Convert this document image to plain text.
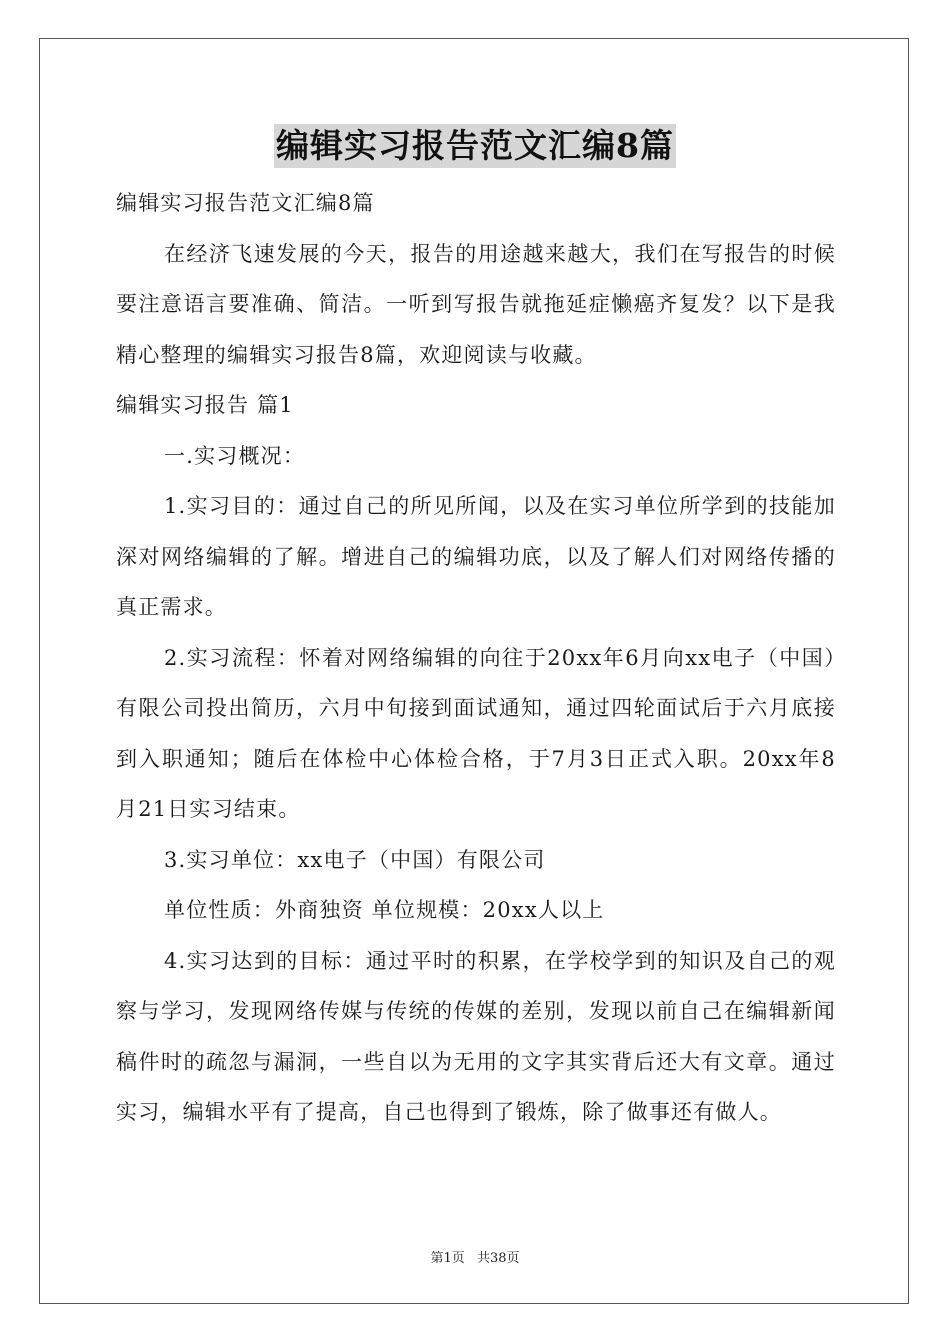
编辑实习报告范文汇编8篇

编辑实习报告范文汇编8篇

在经济飞速发展的今天，报告的用途越来越大，我们在写报告的时候要注意语言要准确、简洁。一听到写报告就拖延症懒癌齐复发？以下是我精心整理的编辑实习报告8篇，欢迎阅读与收藏。

编辑实习报告 篇1

一.实习概况：

1.实习目的：通过自己的所见所闻，以及在实习单位所学到的技能加深对网络编辑的了解。增进自己的编辑功底，以及了解人们对网络传播的真正需求。

2.实习流程：怀着对网络编辑的向往于20xx年6月向xx电子（中国）有限公司投出简历，六月中旬接到面试通知，通过四轮面试后于六月底接到入职通知；随后在体检中心体检合格，于7月3日正式入职。20xx年8月21日实习结束。

3.实习单位：xx电子（中国）有限公司

单位性质：外商独资 单位规模：20xx人以上

4.实习达到的目标：通过平时的积累，在学校学到的知识及自己的观察与学习，发现网络传媒与传统的传媒的差别，发现以前自己在编辑新闻稿件时的疏忽与漏洞，一些自以为无用的文字其实背后还大有文章。通过实习，编辑水平有了提高，自己也得到了锻炼，除了做事还有做人。

第1页 共38页
